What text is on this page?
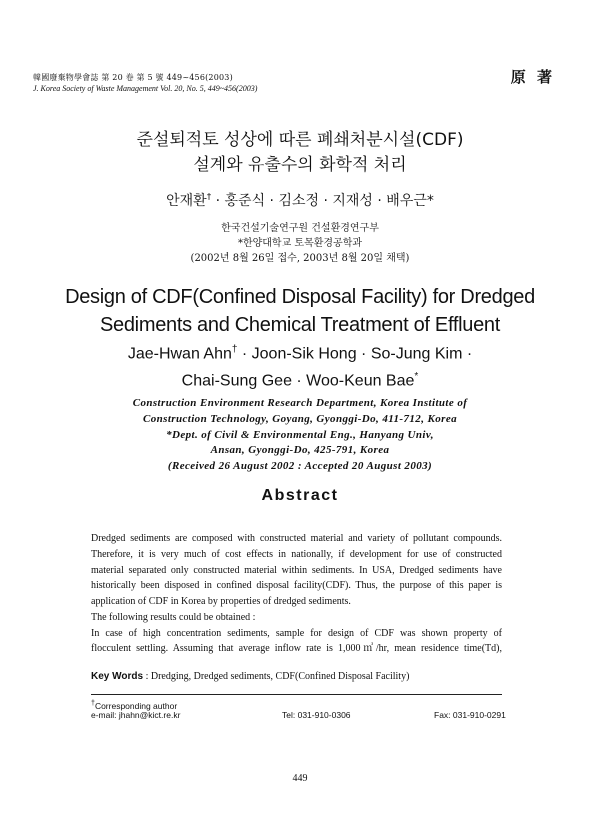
韓國廢棄物學會誌 第 20 卷 第 5 號 449~456(2003)
J. Korea Society of Waste Management Vol. 20, No. 5, 449~456(2003)
原 著
준설퇴적토 성상에 따른 폐쇄처분시설(CDF)
설계와 유출수의 화학적 처리
안재환† · 홍준식 · 김소정 · 지재성 · 배우근*
한국건설기술연구원 건설환경연구부
*한양대학교 토목환경공학과
(2002년 8월 26일 접수, 2003년 8월 20일 채택)
Design of CDF(Confined Disposal Facility) for Dredged
Sediments and Chemical Treatment of Effluent
Jae-Hwan Ahn† · Joon-Sik Hong · So-Jung Kim ·
Chai-Sung Gee · Woo-Keun Bae*
Construction Environment Research Department, Korea Institute of
Construction Technology, Goyang, Gyonggi-Do, 411-712, Korea
*Dept. of Civil & Environmental Eng., Hanyang Univ,
Ansan, Gyonggi-Do, 425-791, Korea
(Received 26 August 2002 : Accepted 20 August 2003)
Abstract
Dredged sediments are composed with constructed material and variety of pollutant compounds.
Therefore, it is very much of cost effects in nationally, if development for use of constructed
material separated only constructed material within sediments. In USA, Dredged sediments have
historically been disposed in confined disposal facility(CDF). Thus, the purpose of this paper is
application of CDF in Korea by properties of dredged sediments.
The following results could be obtained :
In case of high concentration sediments, sample for design of CDF was shown property of
flocculent settling. Assuming that average inflow rate is 1,000㎥/hr, mean residence time(Td),
Key Words : Dredging, Dredged sediments, CDF(Confined Disposal Facility)
†Corresponding author
e-mail: jhahn@kict.re.kr	Tel: 031-910-0306	Fax: 031-910-0291
449
